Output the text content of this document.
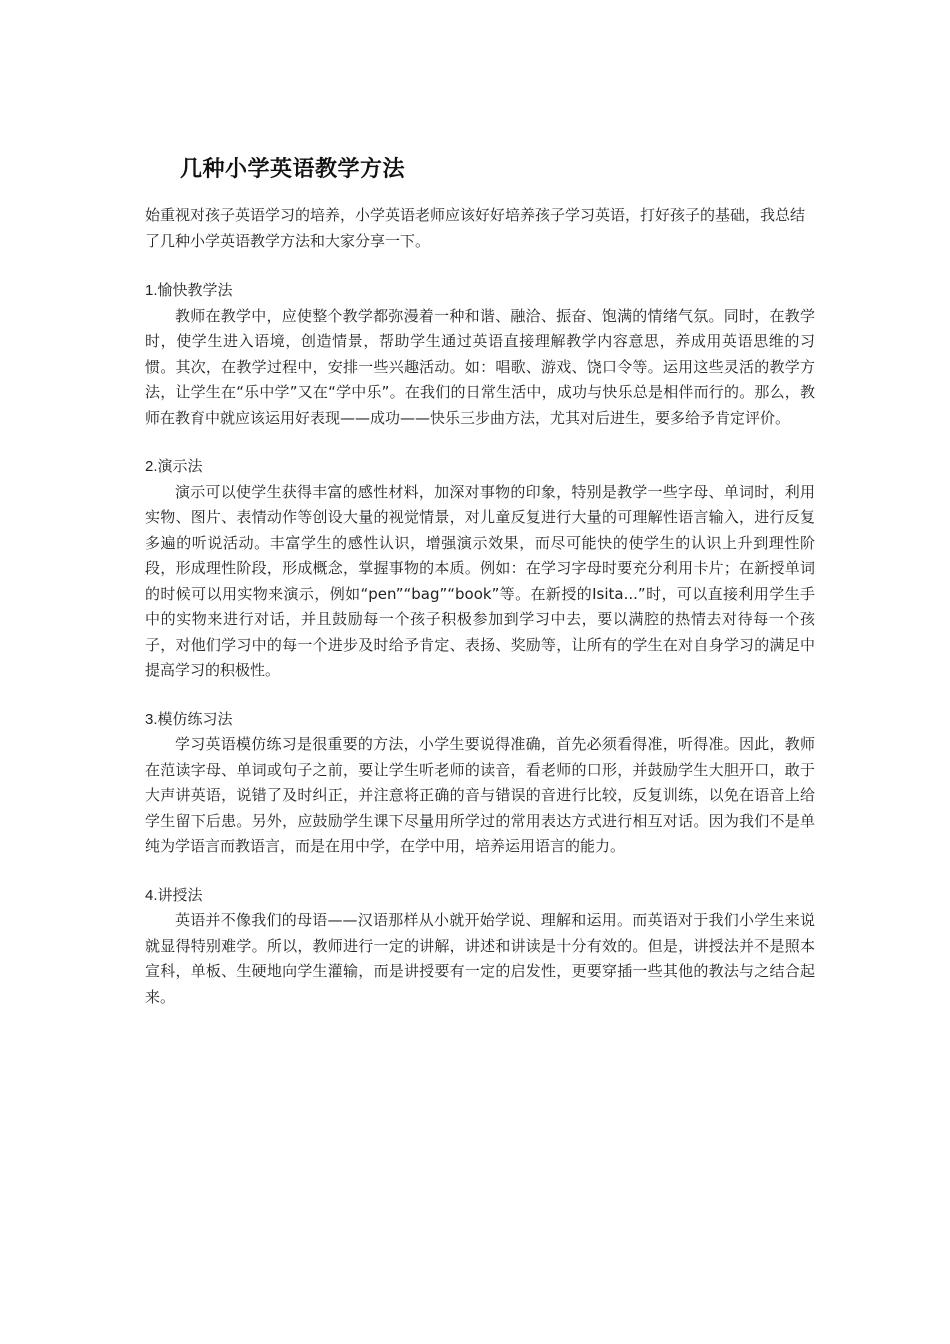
几种小学英语教学方法

始重视对孩子英语学习的培养，小学英语老师应该好好培养孩子学习英语，打好孩子的基础，我总结了几种小学英语教学方法和大家分享一下。

1.愉快教学法

教师在教学中，应使整个教学都弥漫着一种和谐、融洽、振奋、饱满的情绪气氛。同时，在教学时，使学生进入语境，创造情景，帮助学生通过英语直接理解教学内容意思，养成用英语思维的习惯。其次，在教学过程中，安排一些兴趣活动。如：唱歌、游戏、饶口令等。运用这些灵活的教学方法，让学生在“乐中学”又在“学中乐”。在我们的日常生活中，成功与快乐总是相伴而行的。那么，教师在教育中就应该运用好表现——成功——快乐三步曲方法，尤其对后进生，要多给予肯定评价。

2.演示法

演示可以使学生获得丰富的感性材料，加深对事物的印象，特别是教学一些字母、单词时，利用实物、图片、表情动作等创设大量的视觉情景，对儿童反复进行大量的可理解性语言输入，进行反复多遍的听说活动。丰富学生的感性认识，增强演示效果，而尽可能快的使学生的认识上升到理性阶段，形成理性阶段，形成概念，掌握事物的本质。例如：在学习字母时要充分利用卡片；在新授单词的时候可以用实物来演示，例如“pen”“bag”“book”等。在新授的Isita...”时，可以直接利用学生手中的实物来进行对话，并且鼓励每一个孩子积极参加到学习中去，要以满腔的热情去对待每一个孩子，对他们学习中的每一个进步及时给予肯定、表扬、奖励等，让所有的学生在对自身学习的满足中提高学习的积极性。

3.模仿练习法

学习英语模仿练习是很重要的方法，小学生要说得准确，首先必须看得准，听得准。因此，教师在范读字母、单词或句子之前，要让学生听老师的读音，看老师的口形，并鼓励学生大胆开口，敢于大声讲英语，说错了及时纠正，并注意将正确的音与错误的音进行比较，反复训练，以免在语音上给学生留下后患。另外，应鼓励学生课下尽量用所学过的常用表达方式进行相互对话。因为我们不是单纯为学语言而教语言，而是在用中学，在学中用，培养运用语言的能力。

4.讲授法

英语并不像我们的母语——汉语那样从小就开始学说、理解和运用。而英语对于我们小学生来说就显得特别难学。所以，教师进行一定的讲解，讲述和讲读是十分有效的。但是，讲授法并不是照本宣科，单板、生硬地向学生灌输，而是讲授要有一定的启发性，更要穿插一些其他的教法与之结合起来。
